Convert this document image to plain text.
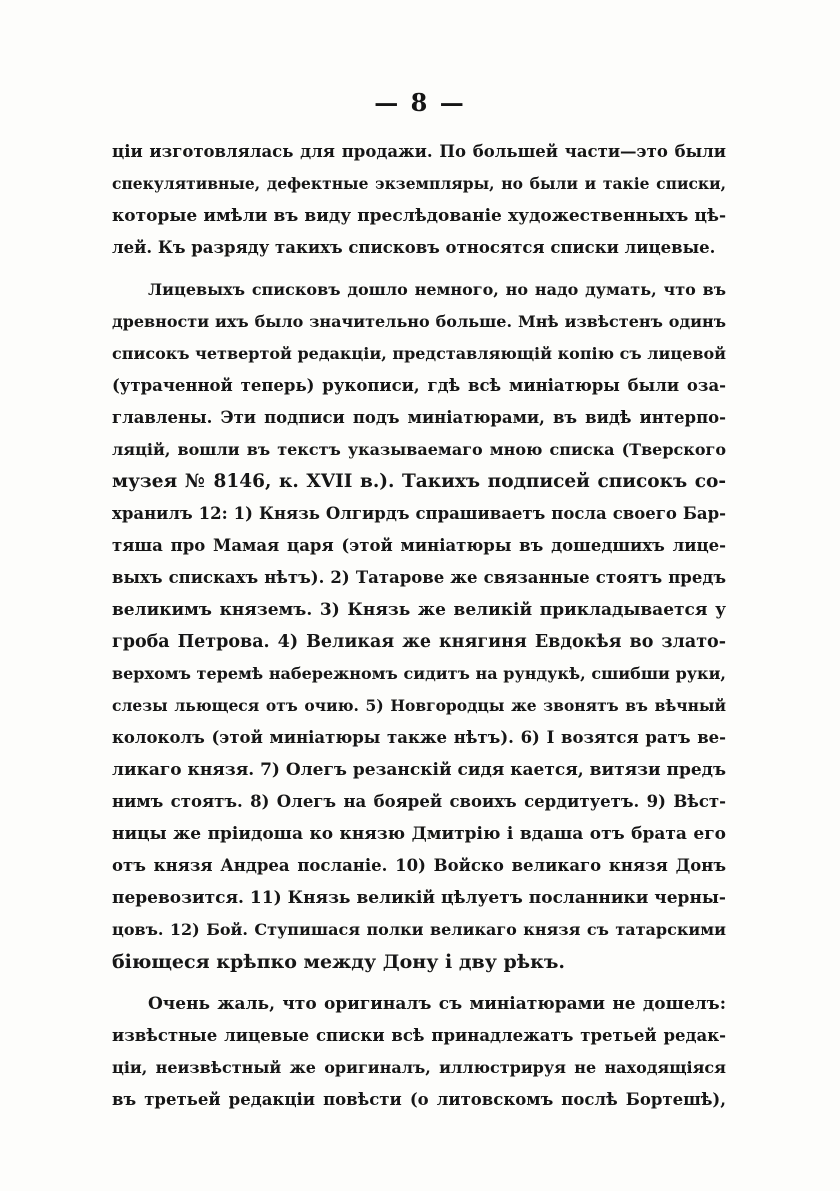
— 8 —
ціи изготовлялась для продажи. По большей части—это были
спекулятивные, дефектные экземпляры, но были и такіе списки,
которые имѣли въ виду преслѣдованіе художественныхъ цѣ-
лей. Къ разряду такихъ списковъ относятся списки лицевые.
Лицевыхъ списковъ дошло немного, но надо думать, что въ
древности ихъ было значительно больше. Мнѣ извѣстенъ одинъ
списокъ четвертой редакціи, представляющій копію съ лицевой
(утраченной теперь) рукописи, гдѣ всѣ миніатюры были оза-
главлены. Эти подписи подъ миніатюрами, въ видѣ интерпо-
ляцій, вошли въ текстъ указываемаго мною списка (Тверского
музея № 8146, к. XVII в.). Такихъ подписей списокъ со-
хранилъ 12: 1) Князь Олгирдъ спрашиваетъ посла своего Бар-
тяша про Мамая царя (этой миніатюры въ дошедшихъ лице-
выхъ спискахъ нѣтъ). 2) Татарове же связанные стоятъ предъ
великимъ княземъ. 3) Князь же великій прикладывается у
гроба Петрова. 4) Великая же княгиня Евдокѣя во злато-
верхомъ теремѣ набережномъ сидитъ на рундукѣ, сшибши руки,
слезы льющеся отъ очию. 5) Новгородцы же звонятъ въ вѣчный
колоколъ (этой миніатюры также нѣтъ). 6) І возятся ратъ ве-
ликаго князя. 7) Олегъ резанскій сидя кается, витязи предъ
нимъ стоятъ. 8) Олегъ на боярей своихъ сердитуетъ. 9) Вѣст-
ницы же прiидоша ко князю Дмитрію і вдаша отъ брата его
отъ князя Андреа посланіе. 10) Войско великаго князя Донъ
перевозится. 11) Князь великій цѣлуетъ посланники черны-
цовъ. 12) Бой. Ступишася полки великаго князя съ татарскими
біющеся крѣпко между Дону і дву рѣкъ.
Очень жаль, что оригиналъ съ миніатюрами не дошелъ:
извѣстные лицевые списки всѣ принадлежатъ третьей редак-
ціи, неизвѣстный же оригиналъ, иллюстрируя не находящіяся
въ третьей редакціи повѣсти (о литовскомъ послѣ Бортешѣ),
